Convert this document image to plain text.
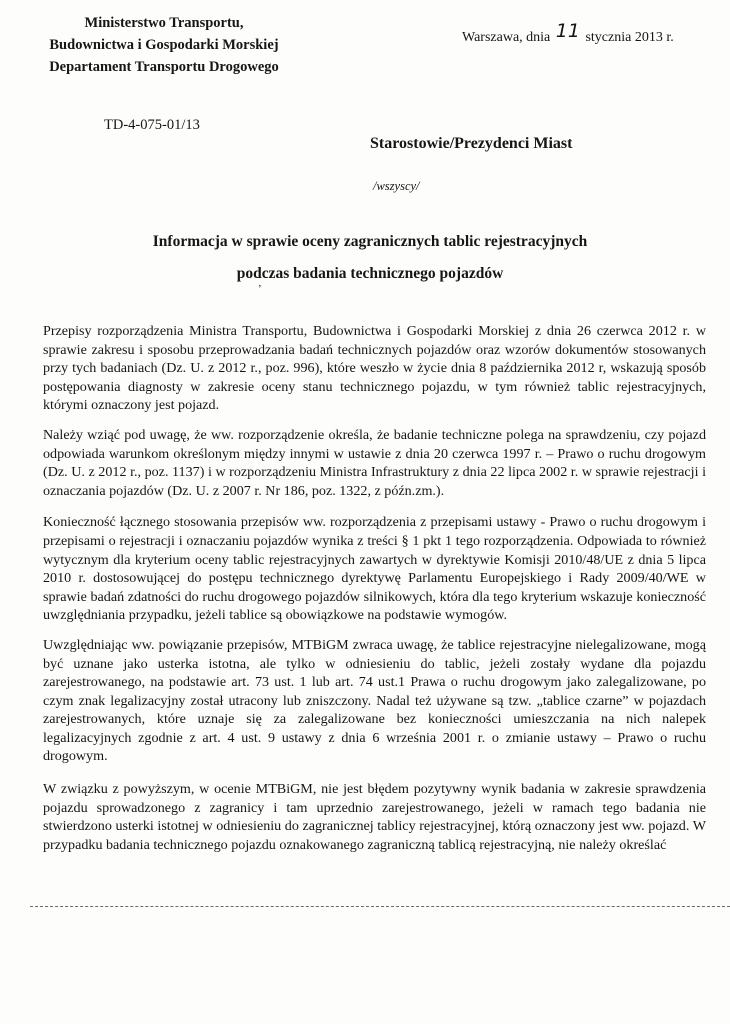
Ministerstwo Transportu,
Budownictwa i Gospodarki Morskiej
Departament Transportu Drogowego
Warszawa, dnia 11 stycznia 2013 r.
TD-4-075-01/13
Starostowie/Prezydenci Miast
/wszyscy/
Informacja w sprawie oceny zagranicznych tablic rejestracyjnych
podczas badania technicznego pojazdów
’

Przepisy rozporządzenia Ministra Transportu, Budownictwa i Gospodarki Morskiej z dnia 26 czerwca 2012 r. w sprawie zakresu i sposobu przeprowadzania badań technicznych pojazdów oraz wzorów dokumentów stosowanych przy tych badaniach (Dz. U. z 2012 r., poz. 996), które weszło w życie dnia 8 października 2012 r, wskazują sposób postępowania diagnosty w zakresie oceny stanu technicznego pojazdu, w tym również tablic rejestracyjnych, którymi oznaczony jest pojazd.

Należy wziąć pod uwagę, że ww. rozporządzenie określa, że badanie techniczne polega na sprawdzeniu, czy pojazd odpowiada warunkom określonym między innymi w ustawie z dnia 20 czerwca 1997 r. – Prawo o ruchu drogowym (Dz. U. z 2012 r., poz. 1137) i w rozporządzeniu Ministra Infrastruktury z dnia 22 lipca 2002 r. w sprawie rejestracji i oznaczania pojazdów (Dz. U. z 2007 r. Nr 186, poz. 1322, z późn.zm.).

Konieczność łącznego stosowania przepisów ww. rozporządzenia z przepisami ustawy - Prawo o ruchu drogowym i przepisami o rejestracji i oznaczaniu pojazdów wynika z treści § 1 pkt 1 tego rozporządzenia. Odpowiada to również wytycznym dla kryterium oceny tablic rejestracyjnych zawartych w dyrektywie Komisji 2010/48/UE z dnia 5 lipca 2010 r. dostosowującej do postępu technicznego dyrektywę Parlamentu Europejskiego i Rady 2009/40/WE w sprawie badań zdatności do ruchu drogowego pojazdów silnikowych, która dla tego kryterium wskazuje konieczność uwzględniania przypadku, jeżeli tablice są obowiązkowe na podstawie wymogów.

Uwzględniając ww. powiązanie przepisów, MTBiGM zwraca uwagę, że tablice rejestracyjne nielegalizowane, mogą być uznane jako usterka istotna, ale tylko w odniesieniu do tablic, jeżeli zostały wydane dla pojazdu zarejestrowanego, na podstawie art. 73 ust. 1 lub art. 74 ust.1 Prawa o ruchu drogowym jako zalegalizowane, po czym znak legalizacyjny został utracony lub zniszczony. Nadal też używane są tzw. „tablice czarne” w pojazdach zarejestrowanych, które uznaje się za zalegalizowane bez konieczności umieszczania na nich nalepek legalizacyjnych zgodnie z art. 4 ust. 9 ustawy z dnia 6 września 2001 r. o zmianie ustawy – Prawo o ruchu drogowym.

W związku z powyższym, w ocenie MTBiGM, nie jest błędem pozytywny wynik badania w zakresie sprawdzenia pojazdu sprowadzonego z zagranicy i tam uprzednio zarejestrowanego, jeżeli w ramach tego badania nie stwierdzono usterki istotnej w odniesieniu do zagranicznej tablicy rejestracyjnej, którą oznaczony jest ww. pojazd. W przypadku badania technicznego pojazdu oznakowanego zagraniczną tablicą rejestracyjną, nie należy określać
